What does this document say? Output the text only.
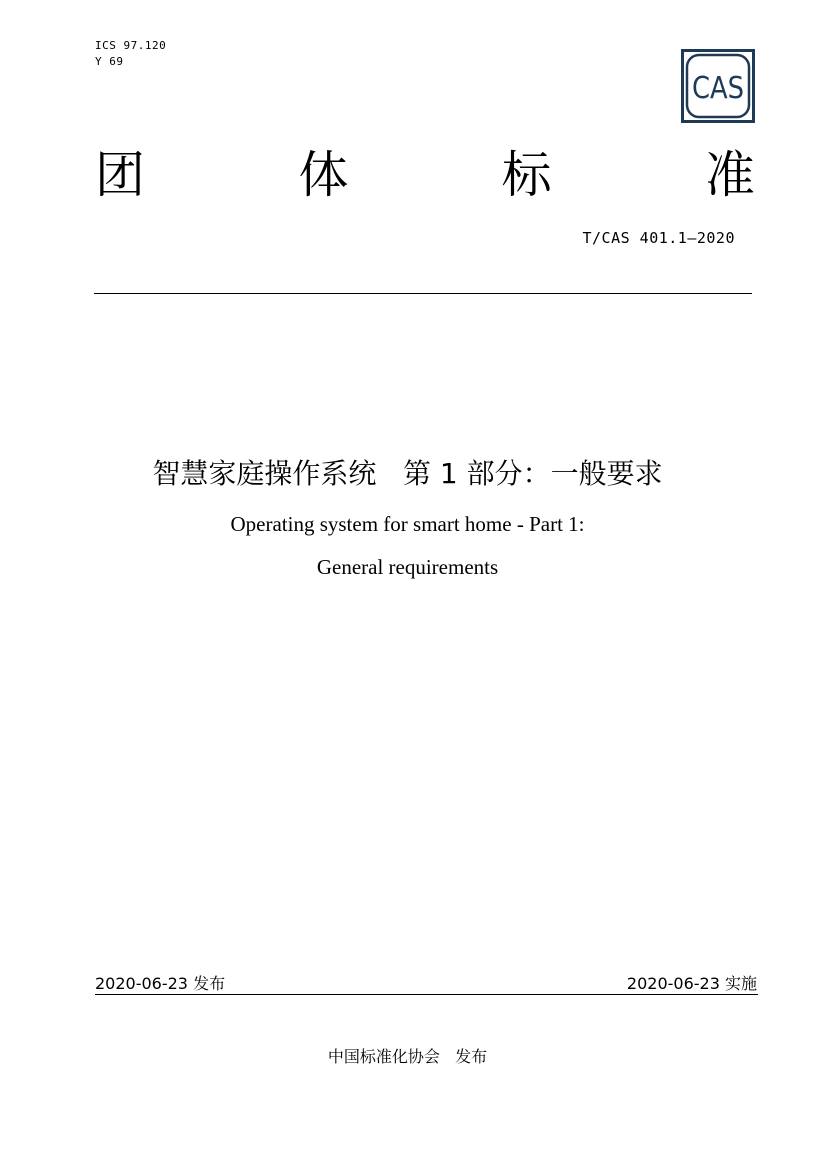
ICS 97.120
Y 69
CAS
团	体	标	准
T/CAS 401.1—2020
智慧家庭操作系统   第 1 部分：一般要求
Operating system for smart home - Part 1:
General requirements
2020-06-23 发布	2020-06-23 实施
中国标准化协会   发布
